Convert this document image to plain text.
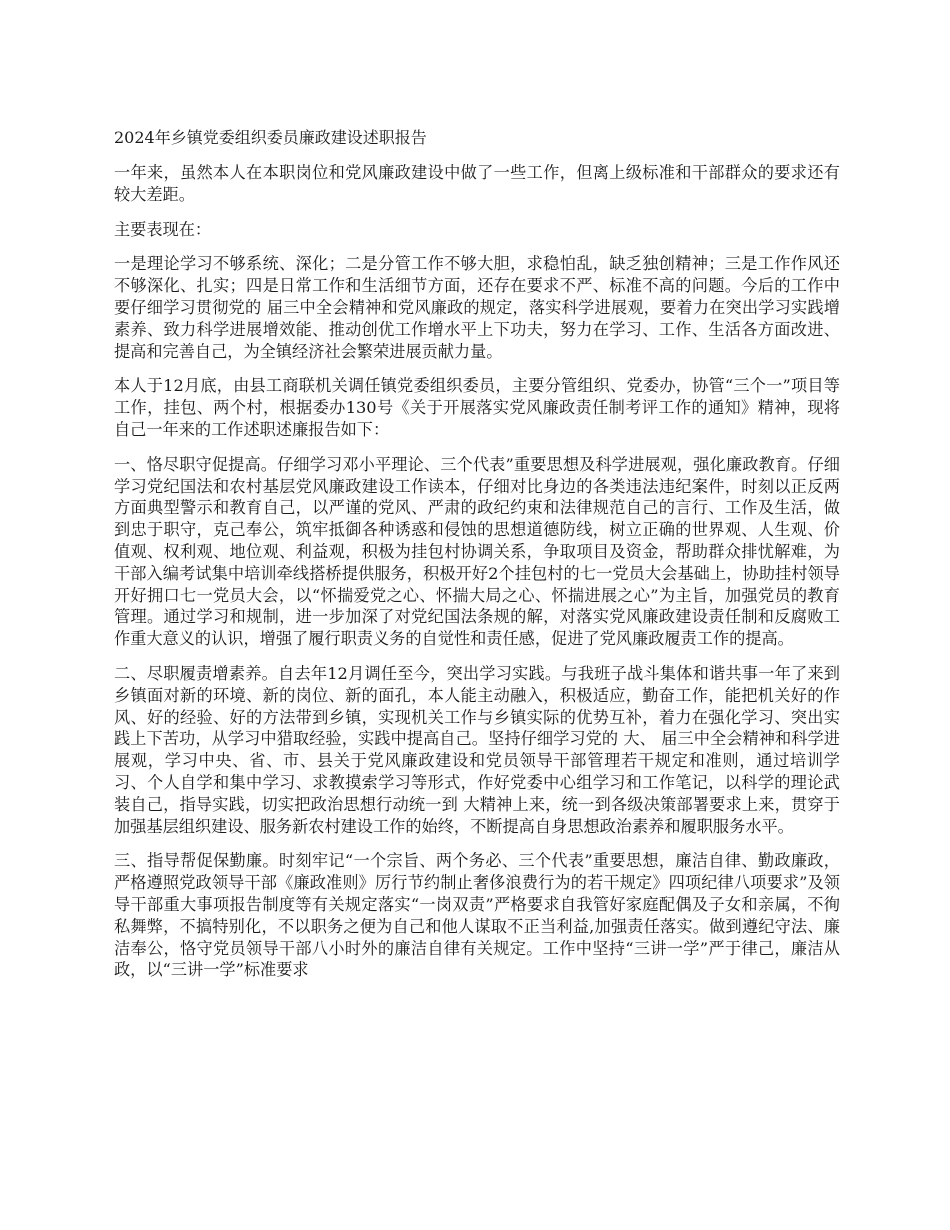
2024年乡镇党委组织委员廉政建设述职报告

一年来，虽然本人在本职岗位和党风廉政建设中做了一些工作，但离上级标准和干部群众的要求还有较大差距。

主要表现在：

一是理论学习不够系统、深化；二是分管工作不够大胆，求稳怕乱，缺乏独创精神；三是工作作风还不够深化、扎实；四是日常工作和生活细节方面，还存在要求不严、标准不高的问题。今后的工作中要仔细学习贯彻党的 届三中全会精神和党风廉政的规定，落实科学进展观，要着力在突出学习实践增素养、致力科学进展增效能、推动创优工作增水平上下功夫，努力在学习、工作、生活各方面改进、提高和完善自己，为全镇经济社会繁荣进展贡献力量。

本人于12月底，由县工商联机关调任镇党委组织委员，主要分管组织、党委办，协管“三个一”项目等工作，挂包、两个村，根据委办130号《关于开展落实党风廉政责任制考评工作的通知》精神，现将自己一年来的工作述职述廉报告如下：

一、恪尽职守促提高。仔细学习邓小平理论、三个代表”重要思想及科学进展观，强化廉政教育。仔细学习党纪国法和农村基层党风廉政建设工作读本，仔细对比身边的各类违法违纪案件，时刻以正反两方面典型警示和教育自己，以严谨的党风、严肃的政纪约束和法律规范自己的言行、工作及生活，做到忠于职守，克己奉公，筑牢抵御各种诱惑和侵蚀的思想道德防线，树立正确的世界观、人生观、价值观、权利观、地位观、利益观，积极为挂包村协调关系，争取项目及资金，帮助群众排忧解难，为干部入编考试集中培训牵线搭桥提供服务，积极开好2个挂包村的七一党员大会基础上，协助挂村领导开好拥口七一党员大会，以“怀揣爱党之心、怀揣大局之心、怀揣进展之心”为主旨，加强党员的教育管理。通过学习和规制，进一步加深了对党纪国法条规的解，对落实党风廉政建设责任制和反腐败工作重大意义的认识，增强了履行职责义务的自觉性和责任感，促进了党风廉政履责工作的提高。

二、尽职履责增素养。自去年12月调任至今，突出学习实践。与我班子战斗集体和谐共事一年了来到乡镇面对新的环境、新的岗位、新的面孔，本人能主动融入，积极适应，勤奋工作，能把机关好的作风、好的经验、好的方法带到乡镇，实现机关工作与乡镇实际的优势互补，着力在强化学习、突出实践上下苦功，从学习中猎取经验，实践中提高自己。坚持仔细学习党的 大、 届三中全会精神和科学进展观，学习中央、省、市、县关于党风廉政建设和党员领导干部管理若干规定和准则，通过培训学习、个人自学和集中学习、求教摸索学习等形式，作好党委中心组学习和工作笔记，以科学的理论武装自己，指导实践，切实把政治思想行动统一到 大精神上来，统一到各级决策部署要求上来，贯穿于加强基层组织建设、服务新农村建设工作的始终，不断提高自身思想政治素养和履职服务水平。

三、指导帮促保勤廉。时刻牢记“一个宗旨、两个务必、三个代表”重要思想，廉洁自律、勤政廉政，严格遵照党政领导干部《廉政准则》厉行节约制止奢侈浪费行为的若干规定》四项纪律八项要求”及领导干部重大事项报告制度等有关规定落实“一岗双责”严格要求自我管好家庭配偶及子女和亲属，不徇私舞弊，不搞特别化，不以职务之便为自己和他人谋取不正当利益,加强责任落实。做到遵纪守法、廉洁奉公，恪守党员领导干部八小时外的廉洁自律有关规定。工作中坚持“三讲一学”严于律己，廉洁从政，以“三讲一学”标准要求
